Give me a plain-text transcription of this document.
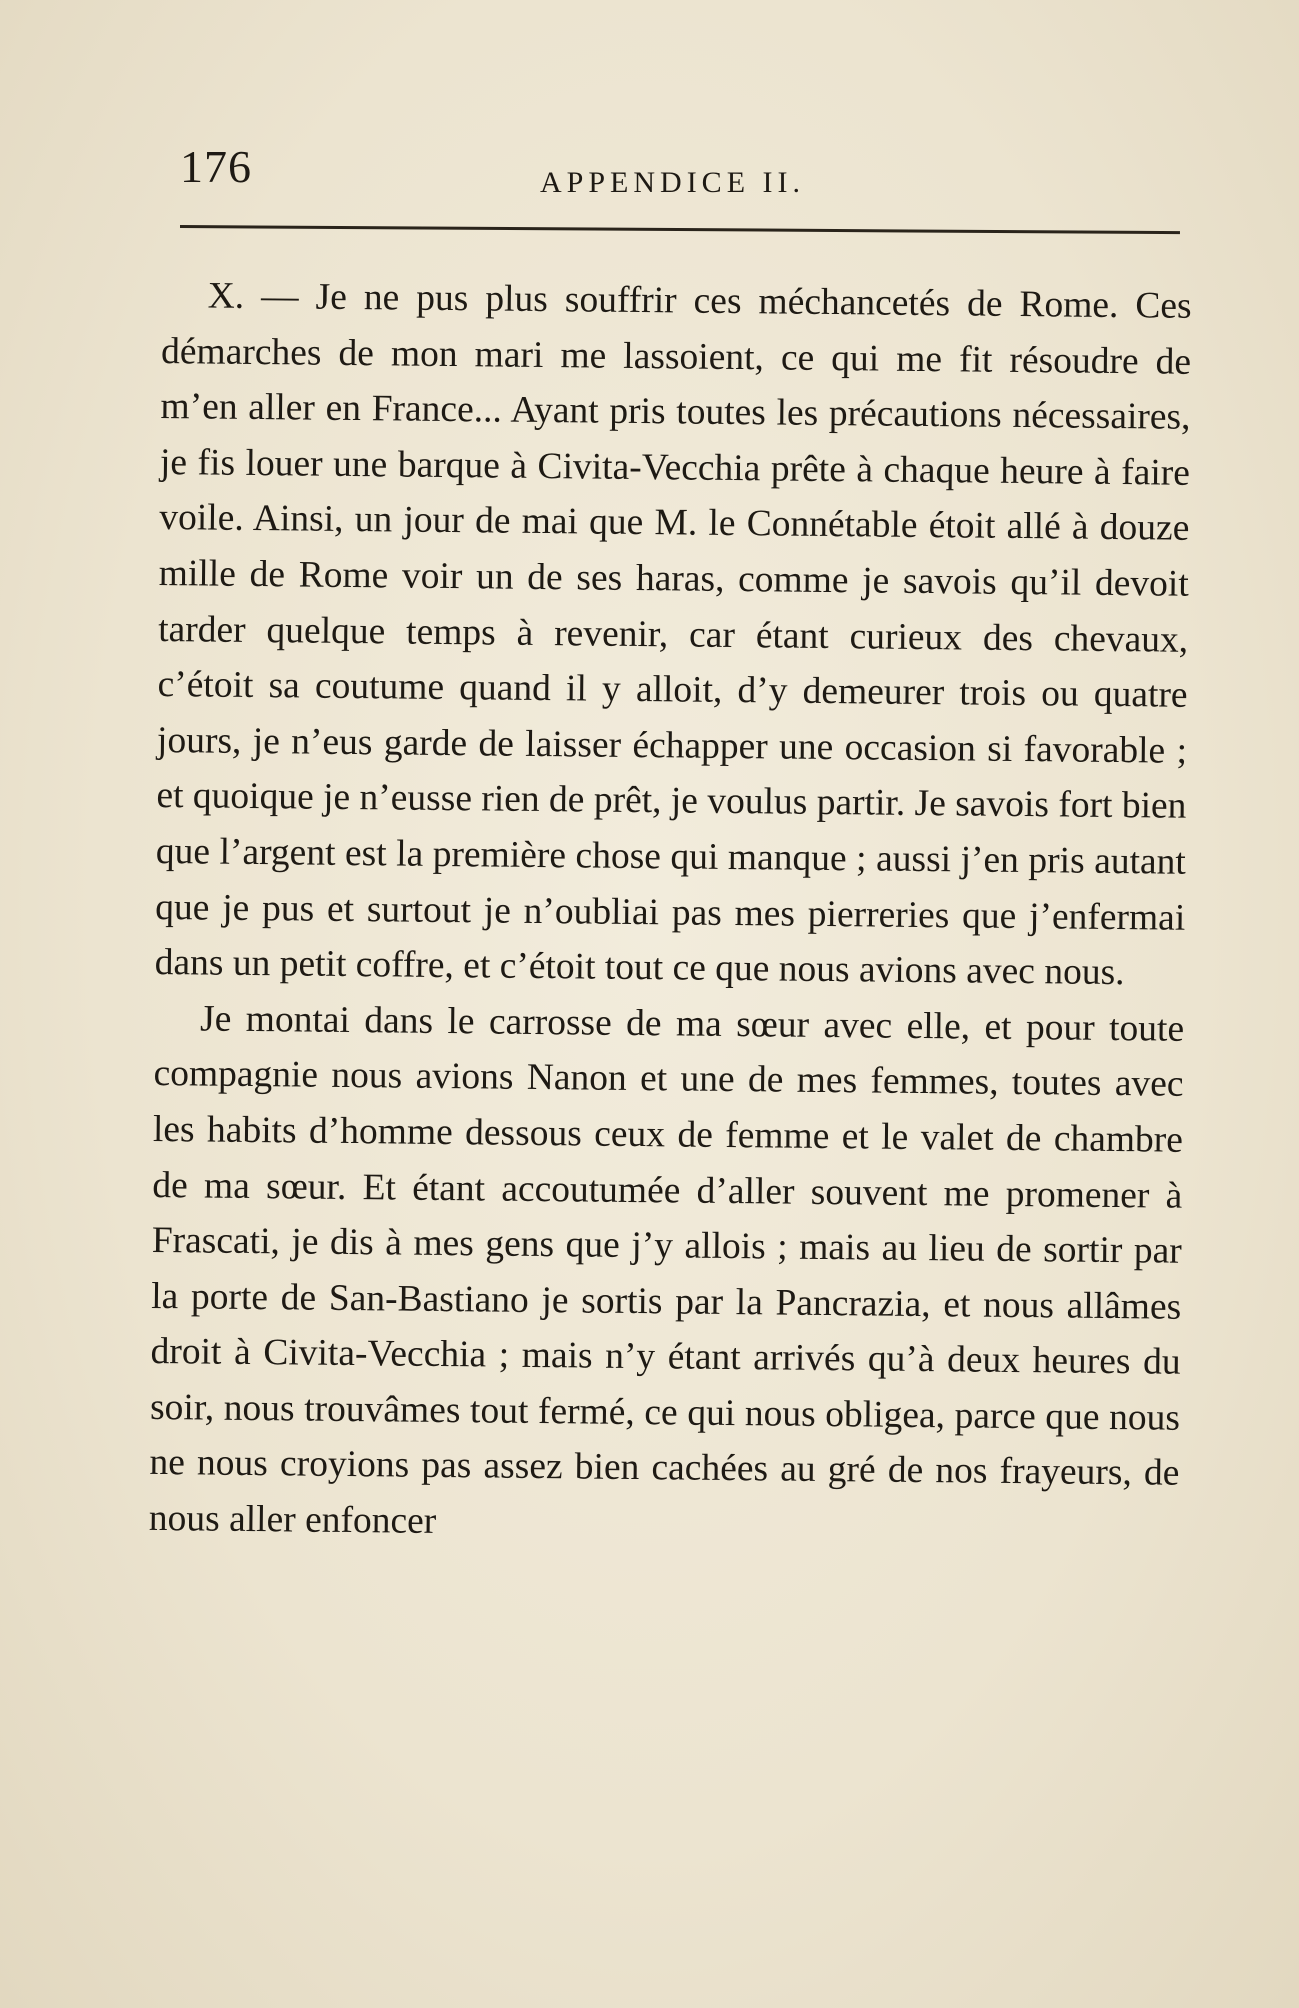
176	APPENDICE II.

X. — Je ne pus plus souffrir ces méchancetés de Rome. Ces démarches de mon mari me lassoient, ce qui me fit résoudre de m’en aller en France... Ayant pris toutes les précautions nécessaires, je fis louer une barque à Civita-Vecchia prête à chaque heure à faire voile. Ainsi, un jour de mai que M. le Connétable étoit allé à douze mille de Rome voir un de ses haras, comme je savois qu’il devoit tarder quelque temps à revenir, car étant curieux des chevaux, c’étoit sa coutume quand il y alloit, d’y demeurer trois ou quatre jours, je n’eus garde de laisser échapper une occasion si favorable ; et quoique je n’eusse rien de prêt, je voulus partir. Je savois fort bien que l’argent est la première chose qui manque ; aussi j’en pris autant que je pus et surtout je n’oubliai pas mes pierreries que j’enfermai dans un petit coffre, et c’étoit tout ce que nous avions avec nous.

Je montai dans le carrosse de ma sœur avec elle, et pour toute compagnie nous avions Nanon et une de mes femmes, toutes avec les habits d’homme dessous ceux de femme et le valet de chambre de ma sœur. Et étant accoutumée d’aller souvent me promener à Frascati, je dis à mes gens que j’y allois ; mais au lieu de sortir par la porte de San-Bastiano je sortis par la Pancrazia, et nous allâmes droit à Civita-Vecchia ; mais n’y étant arrivés qu’à deux heures du soir, nous trouvâmes tout fermé, ce qui nous obligea, parce que nous ne nous croyions pas assez bien cachées au gré de nos frayeurs, de nous aller enfoncer
